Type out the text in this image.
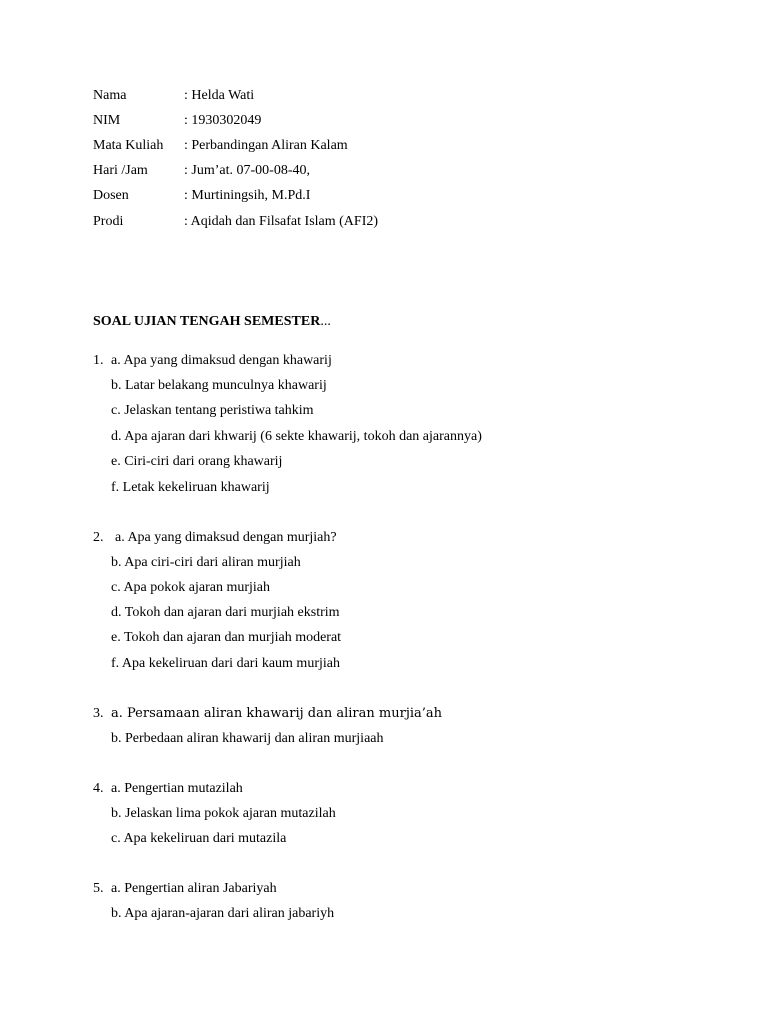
Nama	: Helda Wati
NIM	: 1930302049
Mata Kuliah : Perbandingan Aliran Kalam
Hari /Jam	: Jum’at. 07-00-08-40,
Dosen	: Murtiningsih, M.Pd.I
Prodi	: Aqidah dan Filsafat Islam (AFI2)
SOAL UJIAN TENGAH SEMESTER...
1. a. Apa yang dimaksud dengan khawarij
b. Latar belakang munculnya khawarij
c. Jelaskan tentang peristiwa tahkim
d. Apa ajaran dari khwarij (6 sekte khawarij, tokoh dan ajarannya)
e. Ciri-ciri dari orang khawarij
f. Letak kekeliruan khawarij
2. a. Apa yang dimaksud dengan murjiah?
b. Apa ciri-ciri dari aliran murjiah
c. Apa pokok ajaran murjiah
d. Tokoh dan ajaran dari murjiah ekstrim
e. Tokoh dan ajaran dan murjiah moderat
f. Apa kekeliruan dari dari kaum murjiah
3. a. Persamaan aliran khawarij dan aliran murjia’ah
b. Perbedaan aliran khawarij dan aliran murjiaah
4. a. Pengertian mutazilah
b. Jelaskan lima pokok ajaran mutazilah
c. Apa kekeliruan dari mutazila
5. a. Pengertian aliran Jabariyah
b. Apa ajaran-ajaran dari aliran jabariyh
